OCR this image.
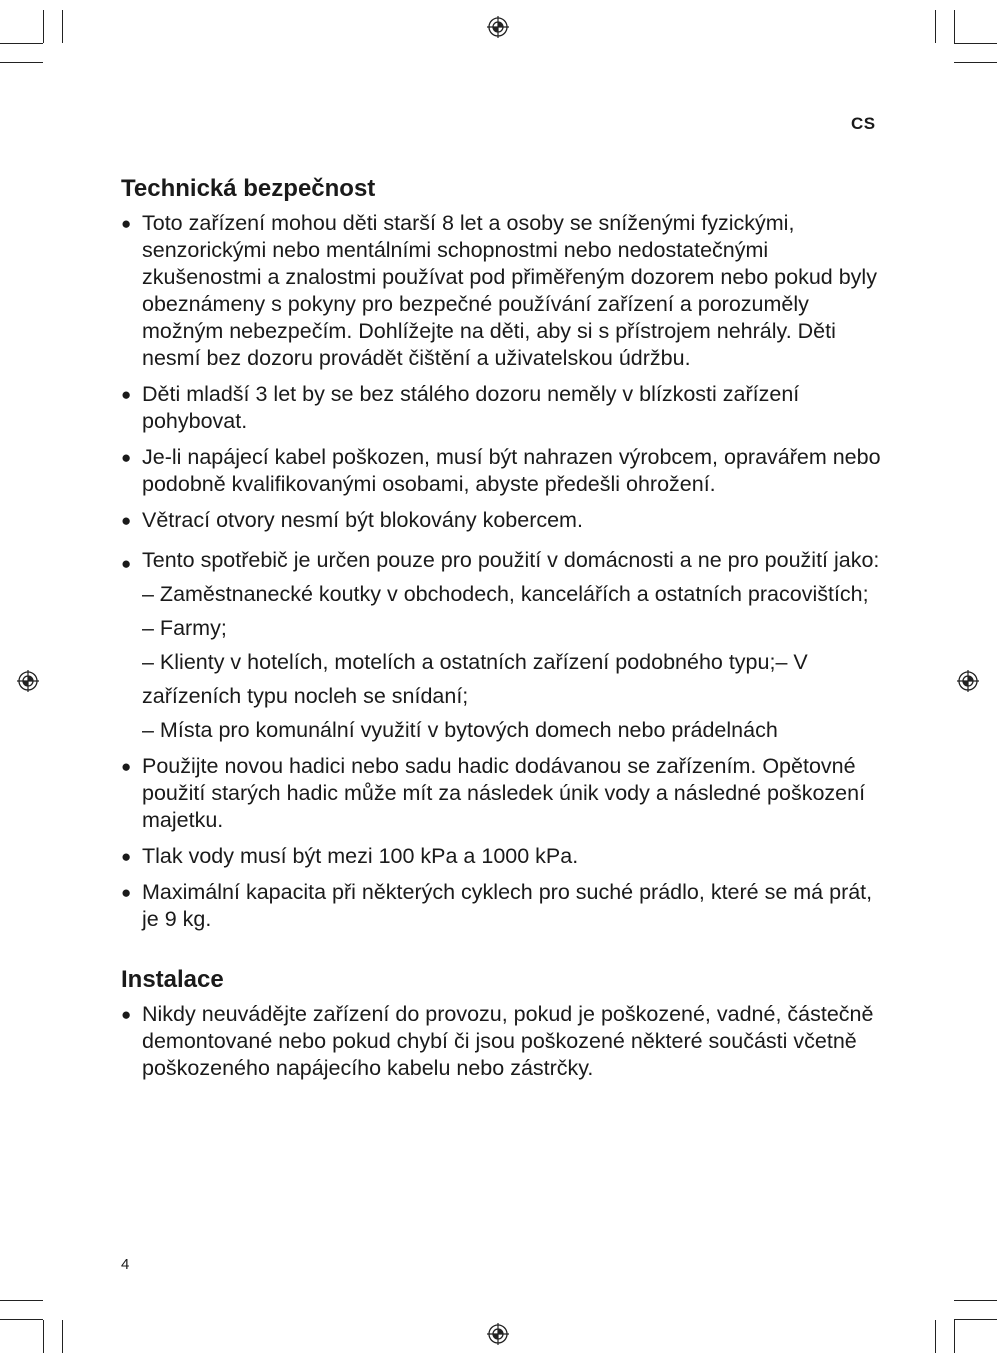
CS
Technická bezpečnost
● Toto zařízení mohou děti starší 8 let a osoby se sníženými fyzickými, senzorickými nebo mentálními schopnostmi nebo nedostatečnými zkušenostmi a znalostmi používat pod přiměřeným dozorem nebo pokud byly obeznámeny s pokyny pro bezpečné používání zařízení a porozuměly možným nebezpečím. Dohlížejte na děti, aby si s přístrojem nehrály. Děti nesmí bez dozoru provádět čištění a uživatelskou údržbu.
● Děti mladší 3 let by se bez stálého dozoru neměly v blízkosti zařízení pohybovat.
● Je-li napájecí kabel poškozen, musí být nahrazen výrobcem, opravářem nebo podobně kvalifikovanými osobami, abyste předešli ohrožení.
● Větrací otvory nesmí být blokovány kobercem.
● Tento spotřebič je určen pouze pro použití v domácnosti a ne pro použití jako:
– Zaměstnanecké koutky v obchodech, kancelářích a ostatních pracovištích;
– Farmy;
– Klienty v hotelích, motelích a ostatních zařízení podobného typu;– V zařízeních typu nocleh se snídaní;
– Místa pro komunální využití v bytových domech nebo prádelnách
● Použijte novou hadici nebo sadu hadic dodávanou se zařízením. Opětovné použití starých hadic může mít za následek únik vody a následné poškození majetku.
● Tlak vody musí být mezi 100 kPa a 1000 kPa.
● Maximální kapacita při některých cyklech pro suché prádlo, které se má prát, je 9 kg.
Instalace
● Nikdy neuvádějte zařízení do provozu, pokud je poškozené, vadné, částečně demontované nebo pokud chybí či jsou poškozené některé součásti včetně poškozeného napájecího kabelu nebo zástrčky.
4
